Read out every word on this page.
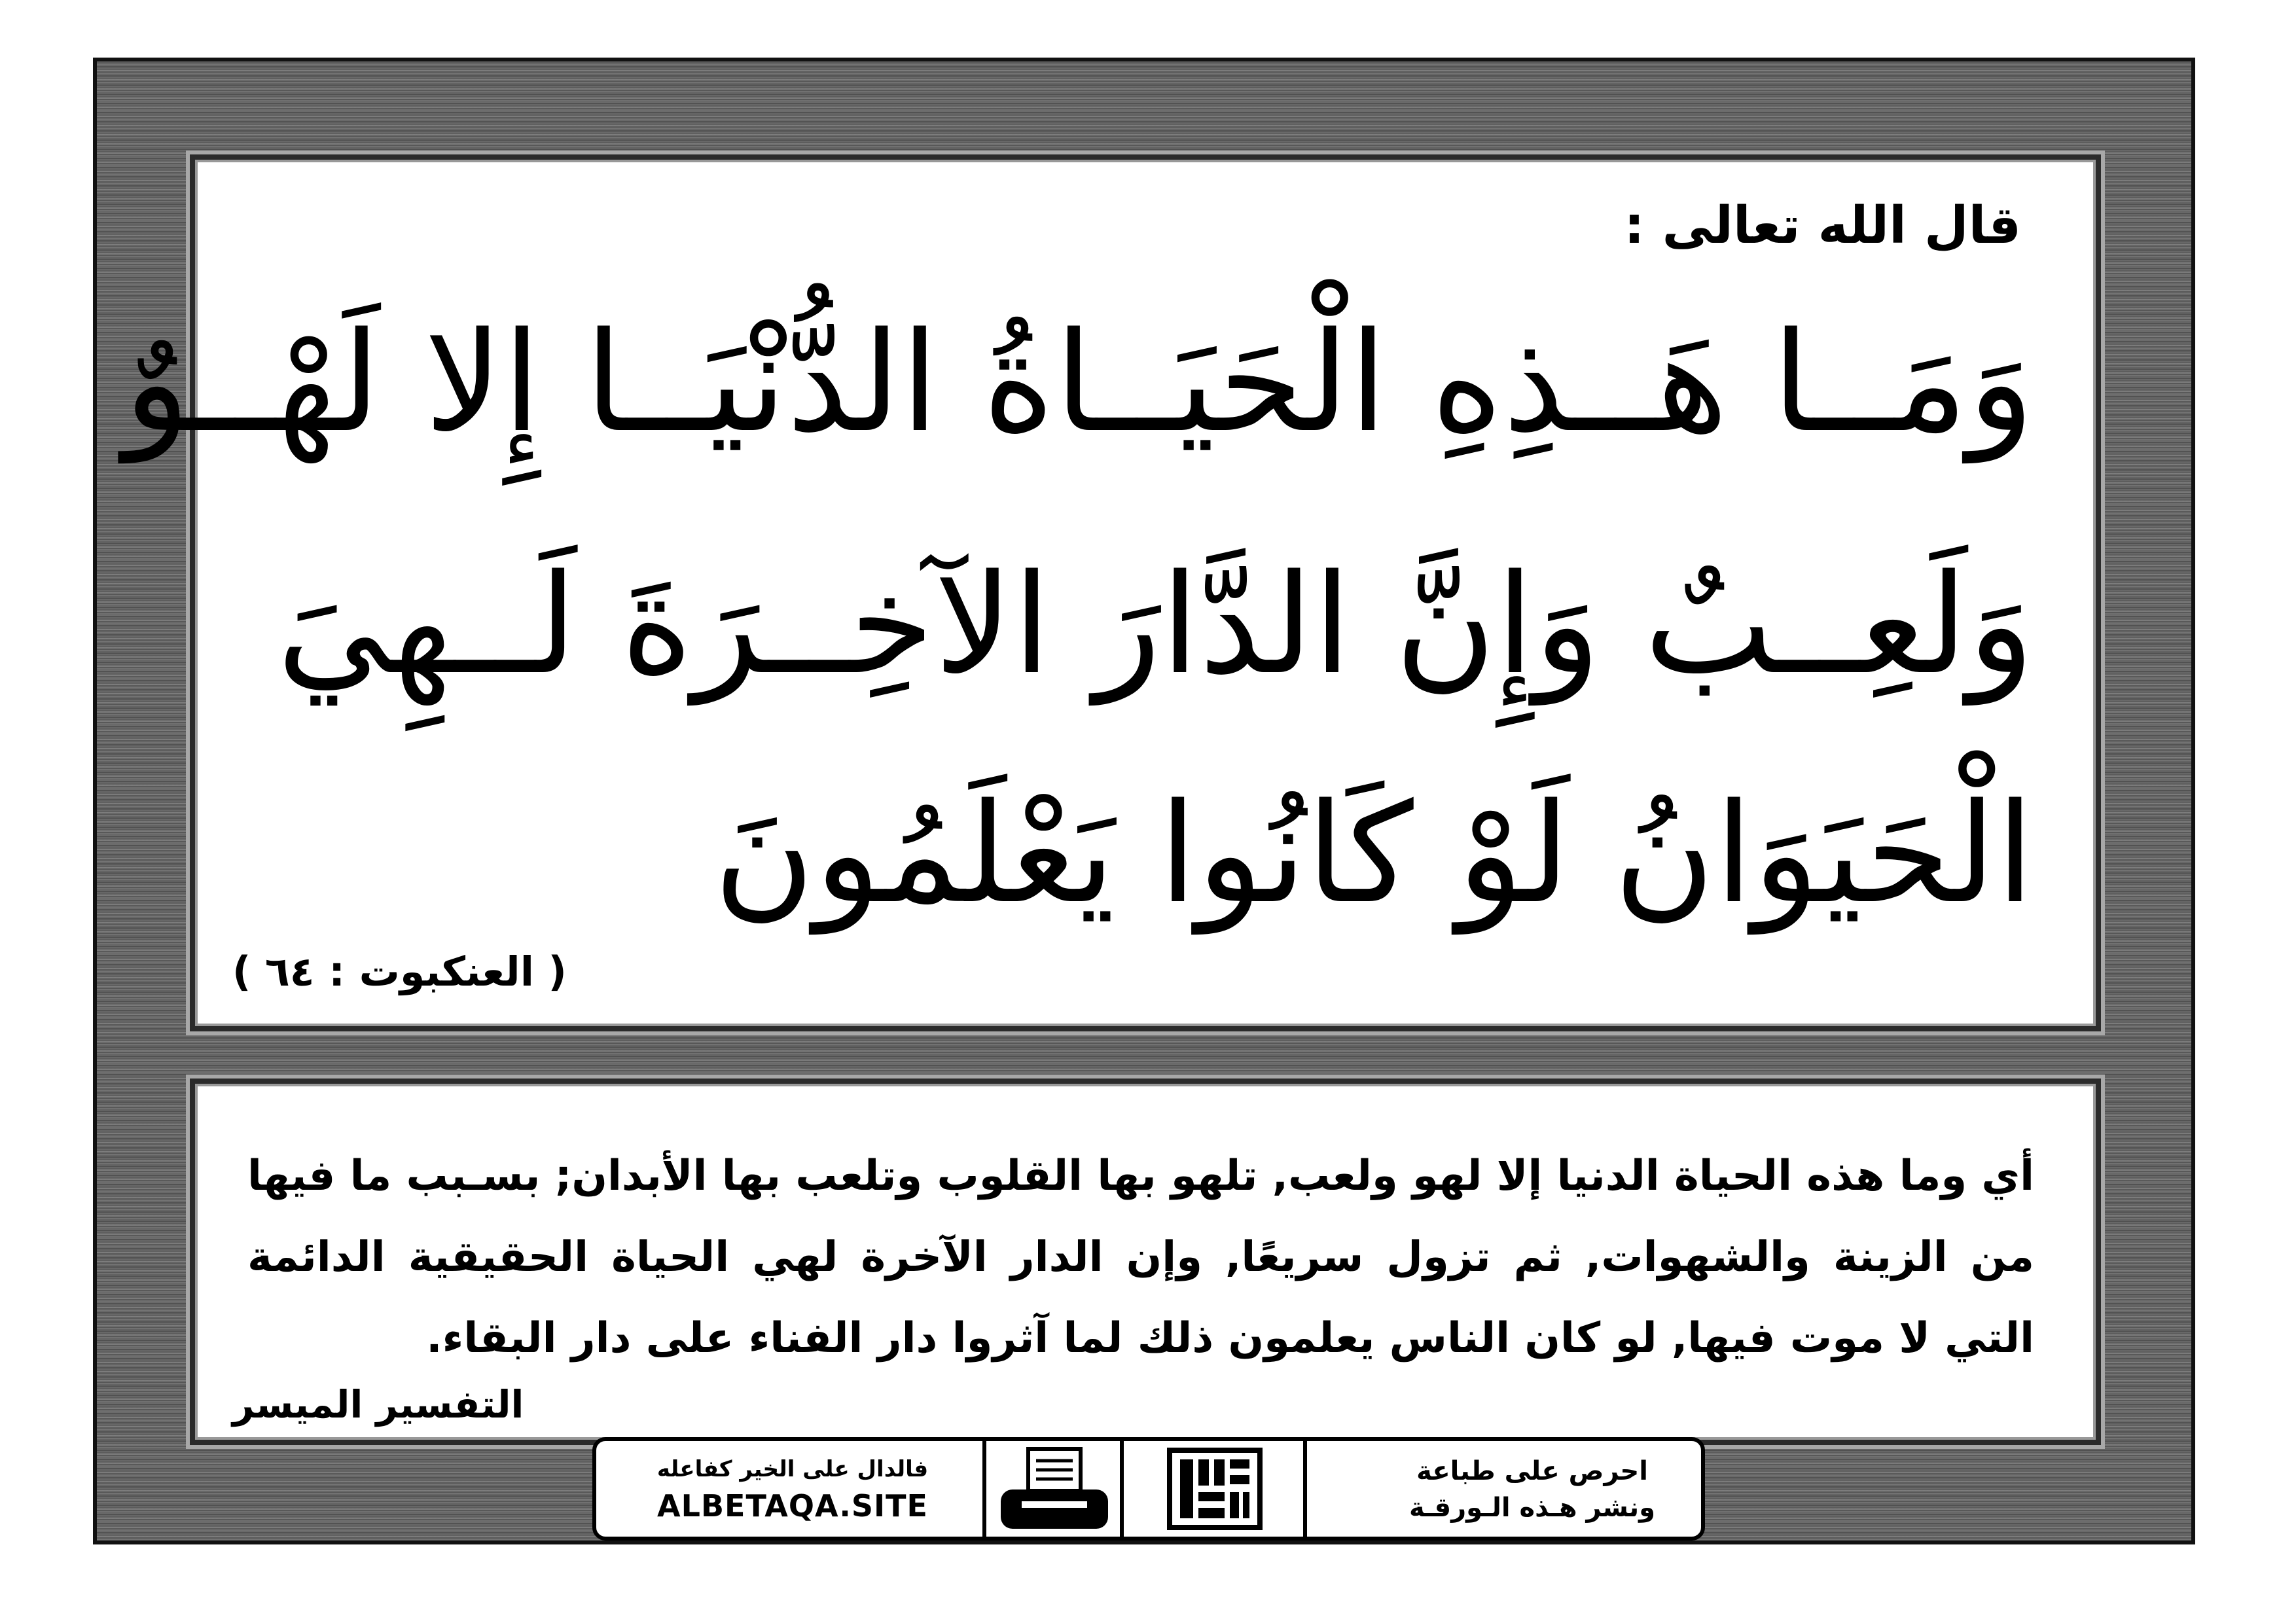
قال الله تعالى :
وَمَــا هَــذِهِ الْحَيَــاةُ الدُّنْيَــا إِلا لَهْــوٌ
وَلَعِــبٌ وَإِنَّ الدَّارَ الآخِــرَةَ لَــهِيَ
الْحَيَوَانُ لَوْ كَانُوا يَعْلَمُونَ
( العنكبوت : ٦٤ )
أي وما هذه الحياة الدنيا إلا لهو ولعب, تلهو بها القلوب وتلعب بها الأبدان; بسـبب ما فيها من الزينة والشهوات, ثم تزول سريعًا, وإن الدار الآخرة لهي الحياة الحقيقية الدائمة التي لا موت فيها, لو كان الناس يعلمون ذلك لما آثروا دار الفناء على دار البقاء.
التفسير الميسر
احرص على طباعة
ونشر هـذه الـورقـة
فالدال على الخير كفاعله
ALBETAQA.SITE
